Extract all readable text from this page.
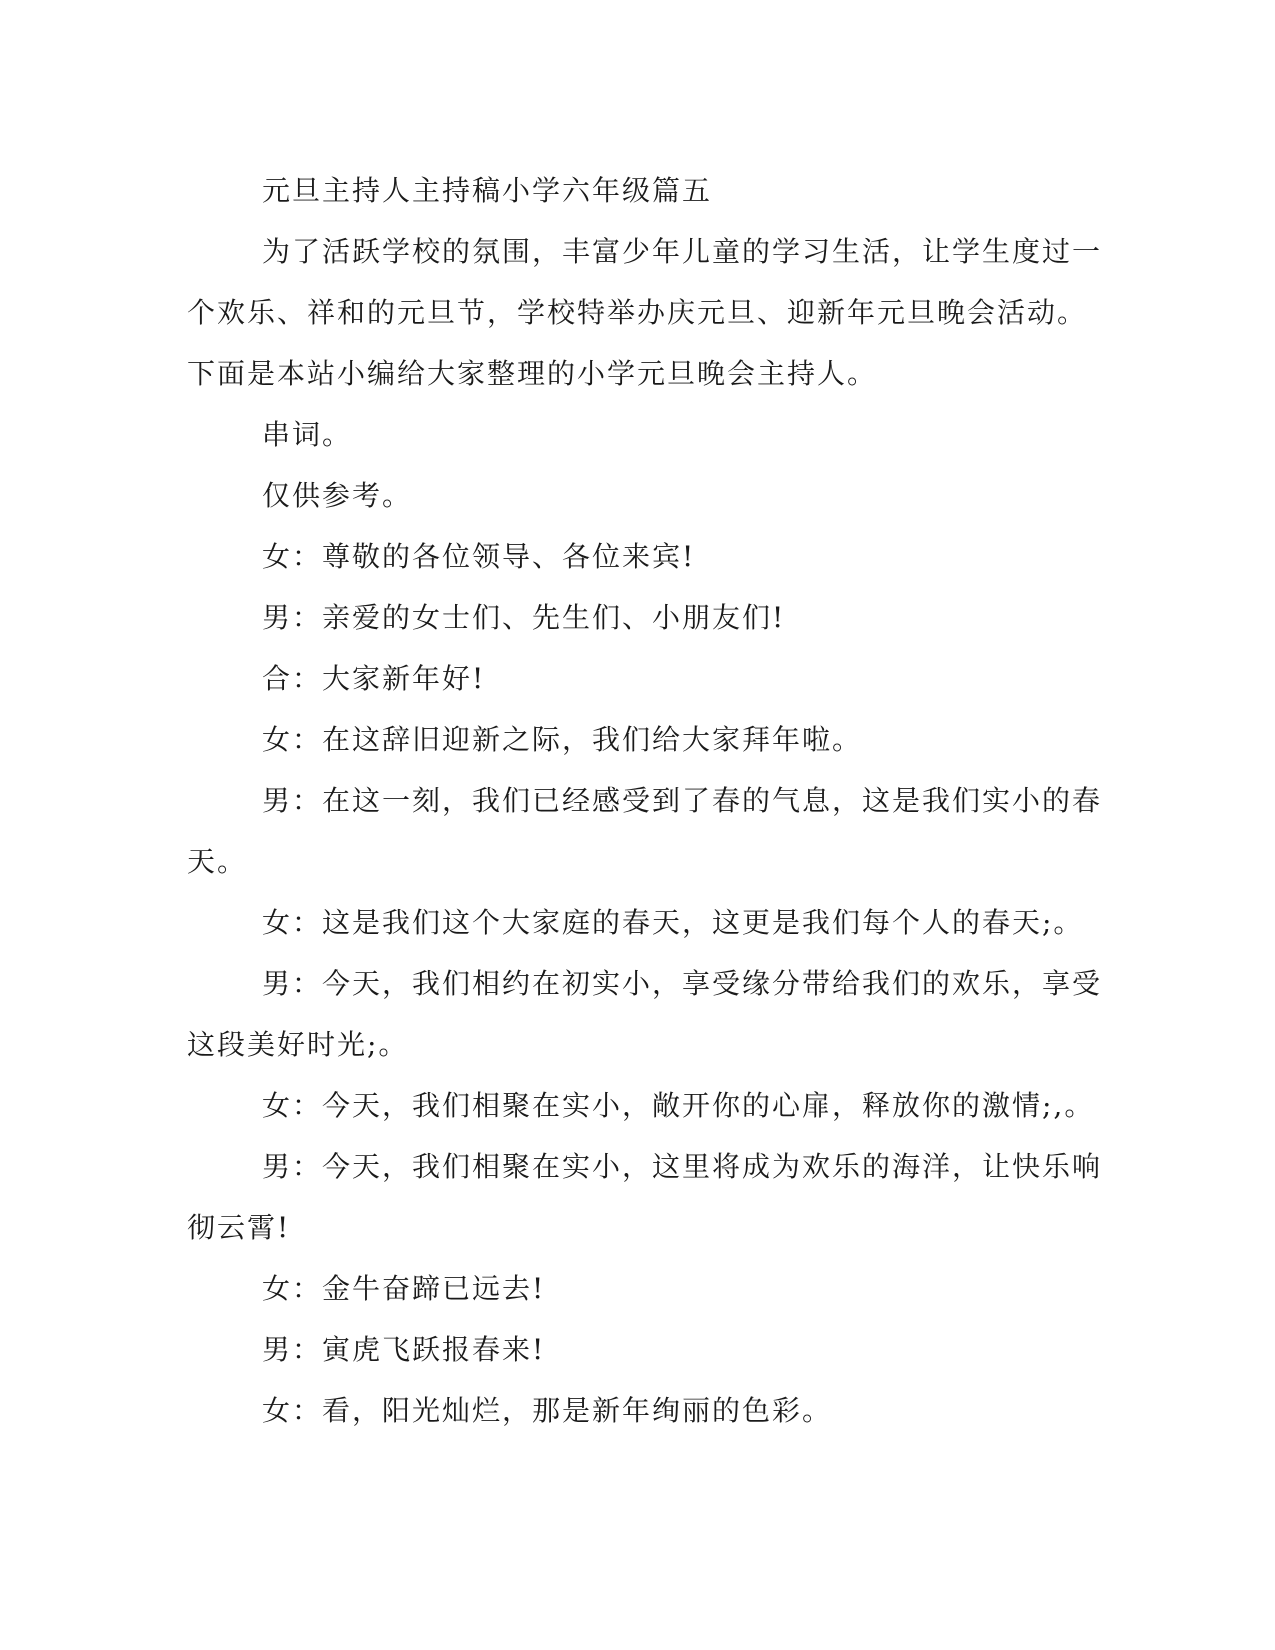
元旦主持人主持稿小学六年级篇五
为了活跃学校的氛围，丰富少年儿童的学习生活，让学生度过一
个欢乐、祥和的元旦节，学校特举办庆元旦、迎新年元旦晚会活动。
下面是本站小编给大家整理的小学元旦晚会主持人。
串词。
仅供参考。
女：尊敬的各位领导、各位来宾!
男：亲爱的女士们、先生们、小朋友们!
合：大家新年好!
女：在这辞旧迎新之际，我们给大家拜年啦。
男：在这一刻，我们已经感受到了春的气息，这是我们实小的春
天。
女：这是我们这个大家庭的春天，这更是我们每个人的春天;。
男：今天，我们相约在初实小，享受缘分带给我们的欢乐，享受
这段美好时光;。
女：今天，我们相聚在实小，敞开你的心扉，释放你的激情;,。
男：今天，我们相聚在实小，这里将成为欢乐的海洋，让快乐响
彻云霄!
女：金牛奋蹄已远去!
男：寅虎飞跃报春来!
女：看，阳光灿烂，那是新年绚丽的色彩。
